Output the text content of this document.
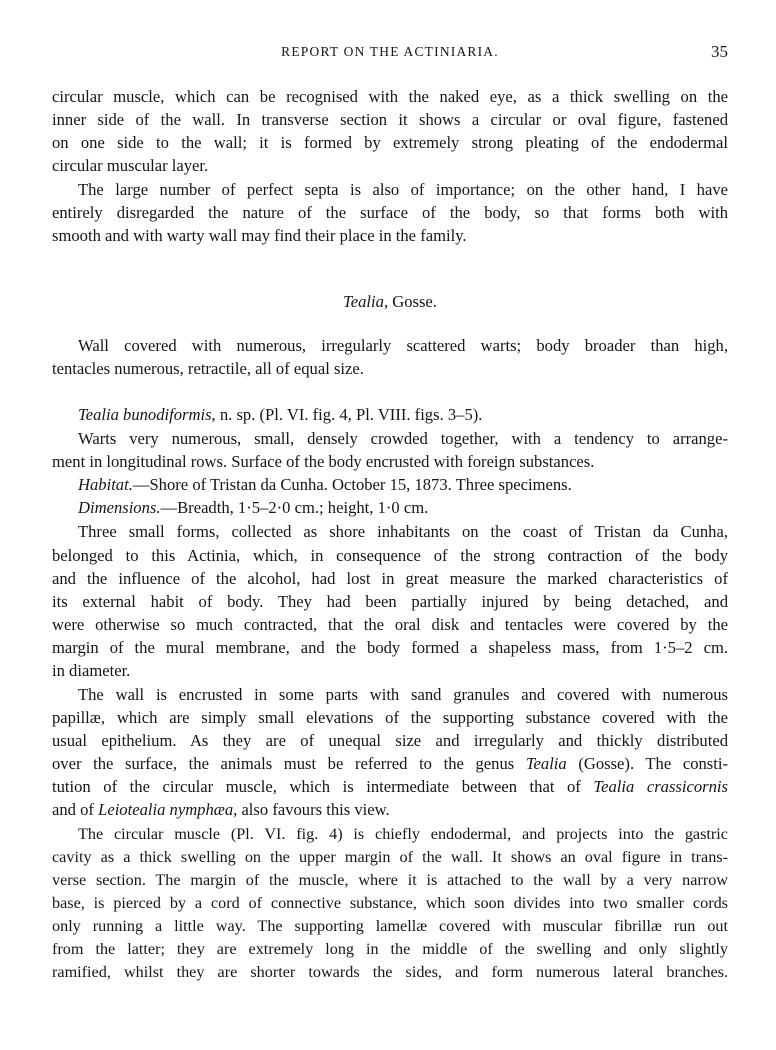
REPORT ON THE ACTINIARIA.	35
circular muscle, which can be recognised with the naked eye, as a thick swelling on the
inner side of the wall. In transverse section it shows a circular or oval figure, fastened
on one side to the wall; it is formed by extremely strong pleating of the endodermal
circular muscular layer.
The large number of perfect septa is also of importance; on the other hand, I have
entirely disregarded the nature of the surface of the body, so that forms both with
smooth and with warty wall may find their place in the family.
Tealia, Gosse.
Wall covered with numerous, irregularly scattered warts; body broader than high,
tentacles numerous, retractile, all of equal size.
Tealia bunodiformis, n. sp. (Pl. VI. fig. 4, Pl. VIII. figs. 3–5).
Warts very numerous, small, densely crowded together, with a tendency to arrange-
ment in longitudinal rows. Surface of the body encrusted with foreign substances.
Habitat.—Shore of Tristan da Cunha. October 15, 1873. Three specimens.
Dimensions.—Breadth, 1·5–2·0 cm.; height, 1·0 cm.
Three small forms, collected as shore inhabitants on the coast of Tristan da Cunha,
belonged to this Actinia, which, in consequence of the strong contraction of the body
and the influence of the alcohol, had lost in great measure the marked characteristics of
its external habit of body. They had been partially injured by being detached, and
were otherwise so much contracted, that the oral disk and tentacles were covered by the
margin of the mural membrane, and the body formed a shapeless mass, from 1·5–2 cm.
in diameter.
The wall is encrusted in some parts with sand granules and covered with numerous
papillæ, which are simply small elevations of the supporting substance covered with the
usual epithelium. As they are of unequal size and irregularly and thickly distributed
over the surface, the animals must be referred to the genus Tealia (Gosse). The consti-
tution of the circular muscle, which is intermediate between that of Tealia crassicornis
and of Leiotealia nymphæa, also favours this view.
The circular muscle (Pl. VI. fig. 4) is chiefly endodermal, and projects into the gastric
cavity as a thick swelling on the upper margin of the wall. It shows an oval figure in trans-
verse section. The margin of the muscle, where it is attached to the wall by a very narrow
base, is pierced by a cord of connective substance, which soon divides into two smaller cords
only running a little way. The supporting lamellæ covered with muscular fibrillæ run out
from the latter; they are extremely long in the middle of the swelling and only slightly
ramified, whilst they are shorter towards the sides, and form numerous lateral branches.
